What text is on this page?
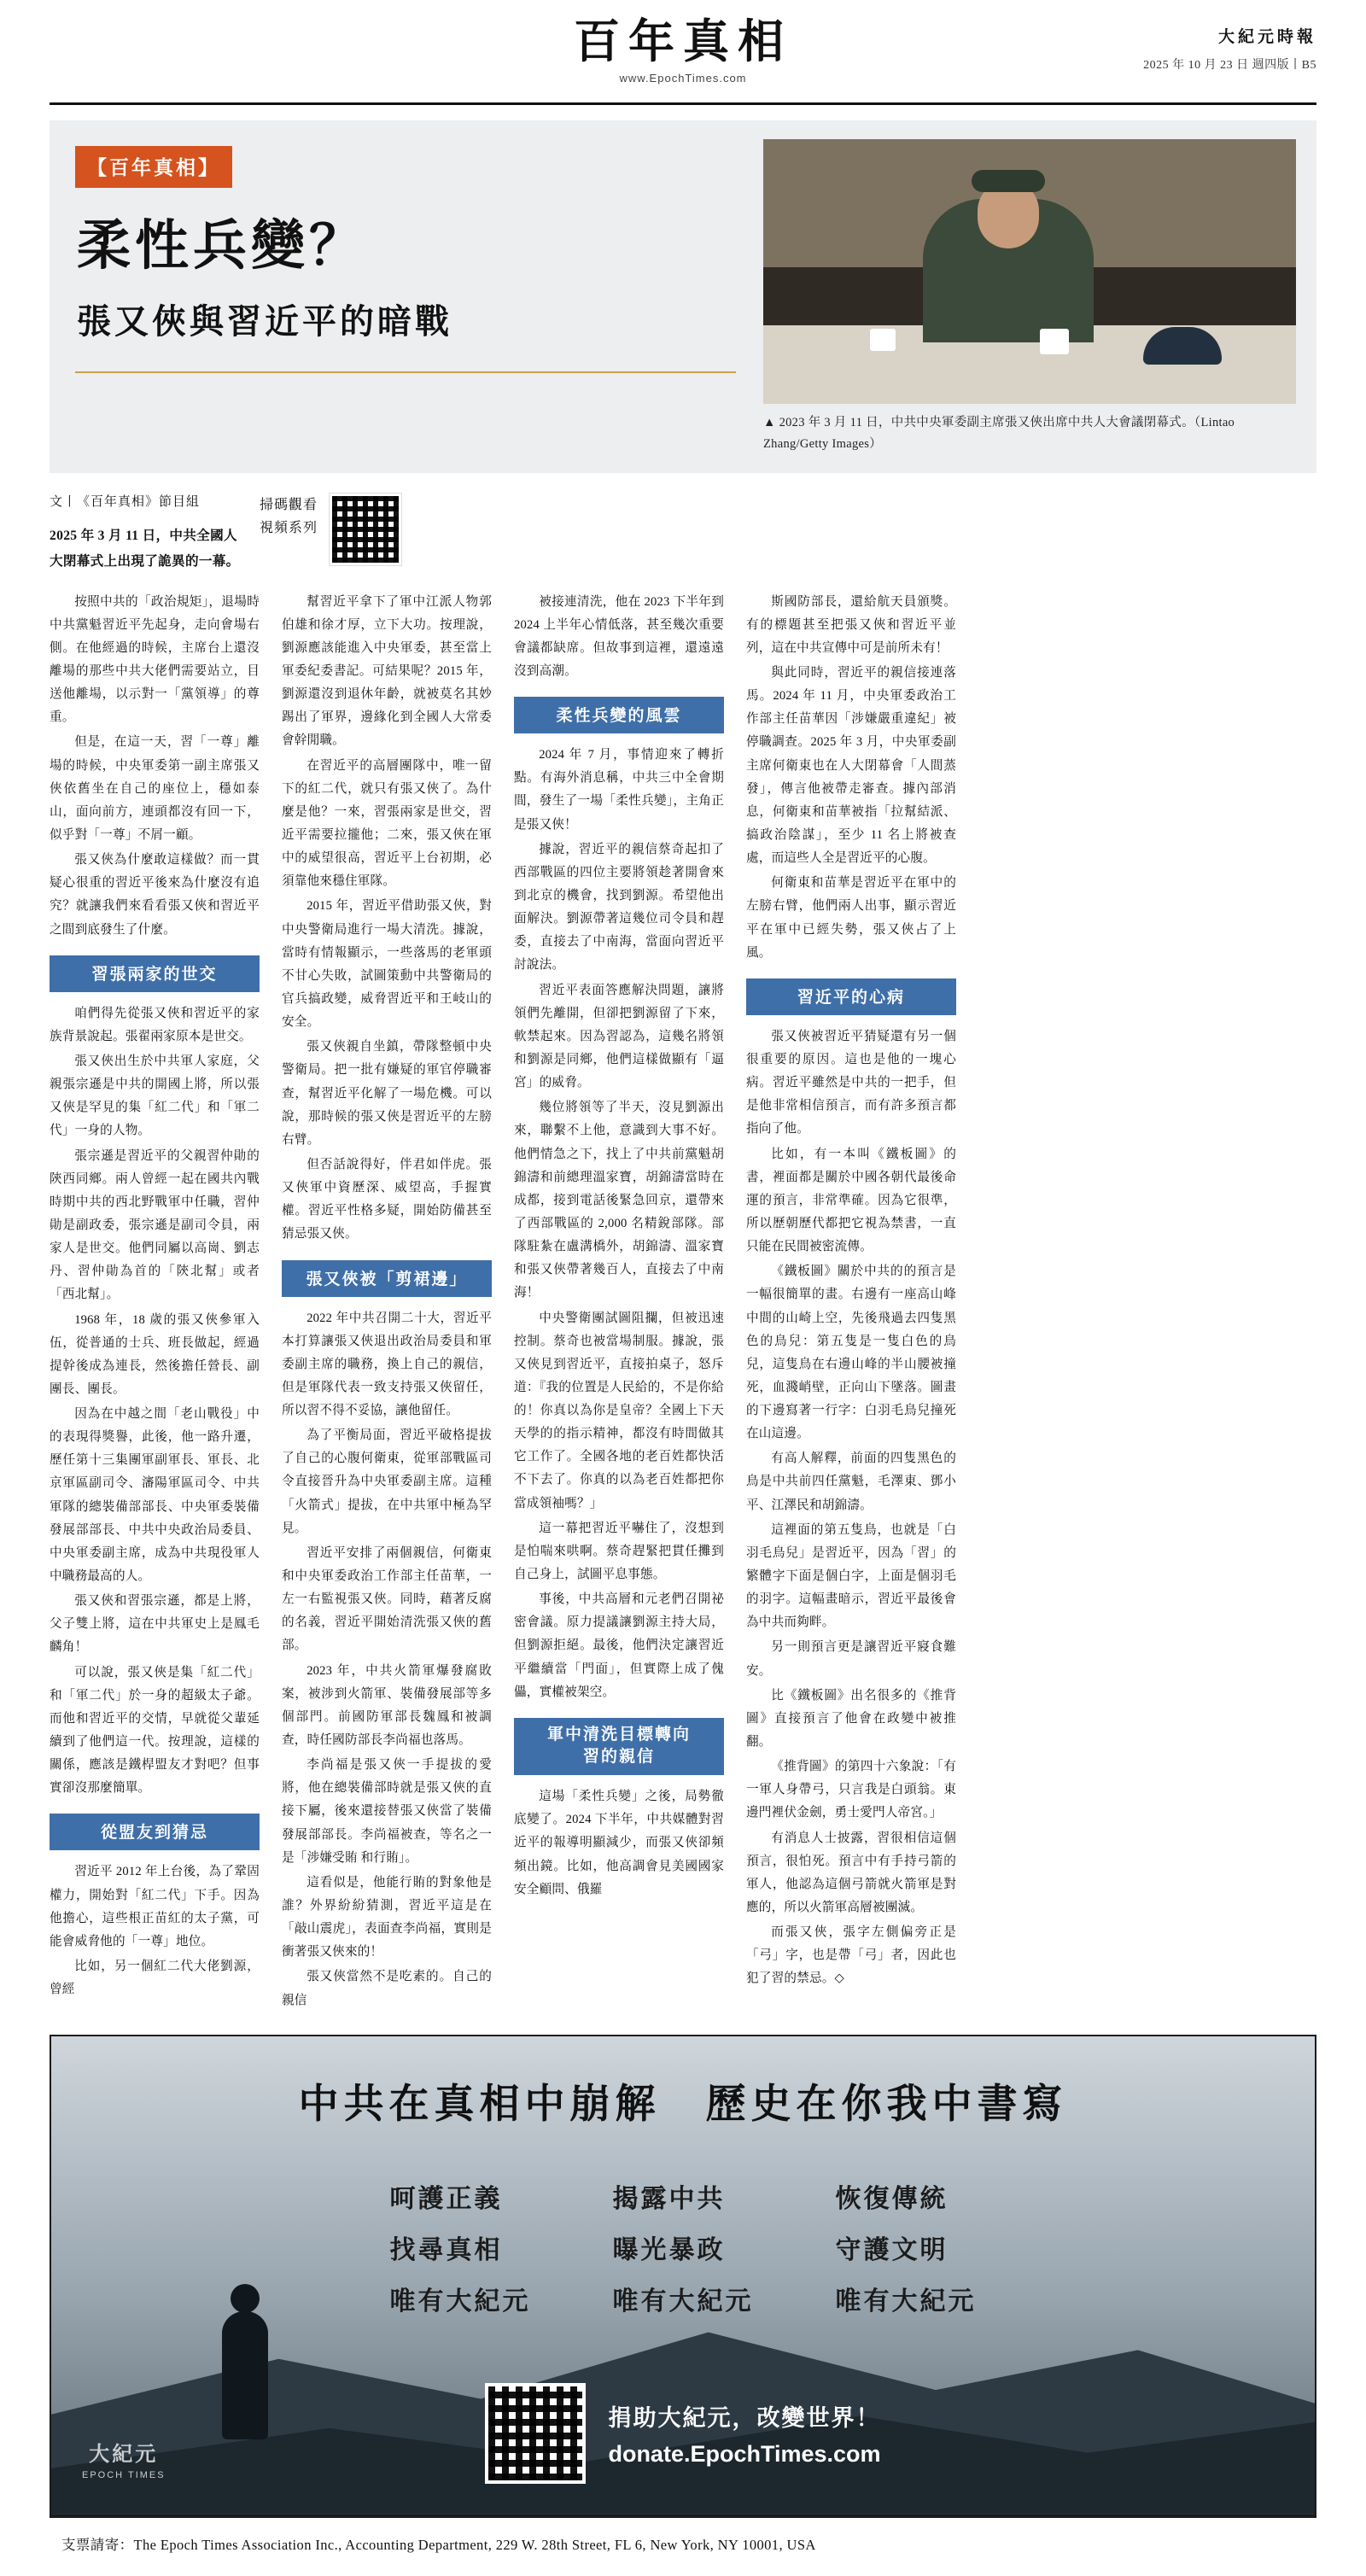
百年真相
www.EpochTimes.com
大紀元時報
2025 年 10 月 23 日 週四版丨B5
【百年真相】
柔性兵變？
張又俠與習近平的暗戰
▲ 2023 年 3 月 11 日，中共中央軍委副主席張又俠出席中共人大會議閉幕式。（Lintao Zhang/Getty Images）
文丨《百年真相》節目組
2025 年 3 月 11 日，中共全國人大閉幕式上出現了詭異的一幕。
掃碼觀看
視頻系列

按照中共的「政治規矩」，退場時中共黨魁習近平先起身，走向會場右側。在他經過的時候，主席台上還沒離場的那些中共大佬們需要站立，目送他離場，以示對一「黨領導」的尊重。

但是，在這一天，習「一尊」離場的時候，中央軍委第一副主席張又俠依舊坐在自己的座位上，穩如泰山，面向前方，連頭都沒有回一下，似乎對「一尊」不屑一顧。

張又俠為什麼敢這樣做？而一貫疑心很重的習近平後來為什麼沒有追究？就讓我們來看看張又俠和習近平之間到底發生了什麼。

習張兩家的世交

咱們得先從張又俠和習近平的家族背景說起。張翟兩家原本是世交。

張又俠出生於中共軍人家庭，父親張宗遜是中共的開國上將，所以張又俠是罕見的集「紅二代」和「軍二代」一身的人物。

張宗遜是習近平的父親習仲勛的陝西同鄉。兩人曾經一起在國共內戰時期中共的西北野戰軍中任職，習仲勛是副政委，張宗遜是副司令員，兩家人是世交。他們同屬以高崗、劉志丹、習仲勛為首的「陝北幫」或者「西北幫」。

1968 年，18 歲的張又俠參軍入伍，從普通的士兵、班長做起，經過提幹後成為連長，然後擔任營長、副團長、團長。

因為在中越之間「老山戰役」中的表現得獎譽，此後，他一路升遷，歷任第十三集團軍副軍長、軍長、北京軍區副司令、瀋陽軍區司令、中共軍隊的總裝備部部長、中央軍委裝備發展部部長、中共中央政治局委員、中央軍委副主席，成為中共現役軍人中職務最高的人。

張又俠和習張宗遜，都是上將，父子雙上將，這在中共軍史上是鳳毛麟角！

可以說，張又俠是集「紅二代」和「軍二代」於一身的超級太子爺。而他和習近平的交情，早就從父輩延續到了他們這一代。按理說，這樣的關係，應該是鐵桿盟友才對吧？但事實卻沒那麼簡單。

從盟友到猜忌

習近平 2012 年上台後，為了鞏固權力，開始對「紅二代」下手。因為他擔心，這些根正苗紅的太子黨，可能會威脅他的「一尊」地位。

比如，另一個紅二代大佬劉源，曾經

幫習近平拿下了軍中江派人物郭伯雄和徐才厚，立下大功。按理說，劉源應該能進入中央軍委，甚至當上軍委紀委書記。可結果呢？2015 年，劉源還沒到退休年齡，就被莫名其妙踢出了軍界，邊緣化到全國人大常委會幹閒職。

在習近平的高層團隊中，唯一留下的紅二代，就只有張又俠了。為什麼是他？一來，習張兩家是世交，習近平需要拉攏他；二來，張又俠在軍中的威望很高，習近平上台初期，必須靠他來穩住軍隊。

2015 年，習近平借助張又俠，對中央警衛局進行一場大清洗。據說，當時有情報顯示，一些落馬的老軍頭不甘心失敗，試圖策動中共警衛局的官兵搞政變，威脅習近平和王岐山的安全。

張又俠親自坐鎮，帶隊整頓中央警衛局。把一批有嫌疑的軍官停職審查，幫習近平化解了一場危機。可以說，那時候的張又俠是習近平的左膀右臂。

但否話說得好，伴君如伴虎。張又俠軍中資歷深、威望高，手握實權。習近平性格多疑，開始防備甚至猜忌張又俠。

張又俠被「剪裙邊」

2022 年中共召開二十大，習近平本打算讓張又俠退出政治局委員和軍委副主席的職務，換上自己的親信，但是軍隊代表一致支持張又俠留任，所以習不得不妥協，讓他留任。

為了平衡局面，習近平破格提拔了自己的心腹何衛東，從軍部戰區司令直接晉升為中央軍委副主席。這種「火箭式」提拔，在中共軍中極為罕見。

習近平安排了兩個親信，何衛東和中央軍委政治工作部主任苗華，一左一右監視張又俠。同時，藉著反腐的名義，習近平開始清洗張又俠的舊部。

2023 年，中共火箭軍爆發腐敗案，被涉到火箭軍、裝備發展部等多個部門。前國防軍部長魏鳳和被調查，時任國防部長李尚福也落馬。

李尚福是張又俠一手提拔的愛將，他在總裝備部時就是張又俠的直接下屬，後來還接替張又俠當了裝備發展部部長。李尚福被查，等名之一是「涉嫌受賄 和行賄」。

這看似是，他能行賄的對象他是誰？外界紛紛猜測，習近平這是在「敲山震虎」，表面查李尚福，實則是衝著張又俠來的！

張又俠當然不是吃素的。自己的親信

被接連清洗，他在 2023 下半年到 2024 上半年心情低落，甚至幾次重要會議都缺席。但故事到這裡，還遠遠沒到高潮。

柔性兵變的風雲

2024 年 7 月，事情迎來了轉折點。有海外消息稱，中共三中全會期間，發生了一場「柔性兵變」，主角正是張又俠！

據說，習近平的親信蔡奇起扣了西部戰區的四位主要將領趁著開會來到北京的機會，找到劉源。希望他出面解決。劉源帶著這幾位司令員和趕委，直接去了中南海，當面向習近平討說法。

習近平表面答應解決問題，讓將領們先離開，但卻把劉源留了下來，軟禁起來。因為習認為，這幾名將領和劉源是同鄉，他們這樣做顯有「逼宮」的威脅。

幾位將領等了半天，沒見劉源出來，聯繫不上他，意識到大事不好。他們情急之下，找上了中共前黨魁胡錦濤和前總理溫家寶，胡錦濤當時在成都，接到電話後緊急回京，還帶來了西部戰區的 2,000 名精銳部隊。部隊駐紮在盧溝橋外，胡錦濤、溫家寶和張又俠帶著幾百人，直接去了中南海！

中央警衛團試圖阻攔，但被迅速控制。蔡奇也被當場制服。據說，張又俠見到習近平，直接拍桌子，怒斥道：『我的位置是人民給的，不是你給的！你真以為你是皇帝？全國上下天天學的的指示精神，都沒有時間做其它工作了。全國各地的老百姓都快活不下去了。你真的以為老百姓都把你當成領袖嗎？」

這一幕把習近平嚇住了，沒想到是怕喘來哄啊。蔡奇趕緊把貫任攤到自己身上，試圖平息事態。

事後，中共高層和元老們召開祕密會議。原力提議讓劉源主持大局，但劉源拒絕。最後，他們決定讓習近平繼續當「門面」，但實際上成了傀儡，實權被架空。

軍中清洗目標轉向
習的親信

這場「柔性兵變」之後，局勢徹底變了。2024 下半年，中共媒體對習近平的報導明顯減少，而張又俠卻頻頻出鏡。比如，他高調會見美國國家安全顧問、俄羅

斯國防部長，還給航天員頒獎。有的標題甚至把張又俠和習近平並列，這在中共宣傳中可是前所未有！

與此同時，習近平的親信接連落馬。2024 年 11 月，中央軍委政治工作部主任苗華因「涉嫌嚴重違紀」被停職調查。2025 年 3 月，中央軍委副主席何衛東也在人大閉幕會「人間蒸發」，傳言他被帶走審查。據內部消息，何衛東和苗華被指「拉幫結派、搞政治陰謀」，至少 11 名上將被查處，而這些人全是習近平的心腹。

何衛東和苗華是習近平在軍中的左膀右臂，他們兩人出事，顯示習近平在軍中已經失勢，張又俠占了上風。

習近平的心病

張又俠被習近平猜疑還有另一個很重要的原因。這也是他的一塊心病。習近平雖然是中共的一把手，但是他非常相信預言，而有許多預言都指向了他。

比如，有一本叫《鐵板圖》的書，裡面都是關於中國各朝代最後命運的預言，非常準確。因為它很準，所以歷朝歷代都把它視為禁書，一直只能在民間被密流傳。

《鐵板圖》關於中共的的預言是一幅很簡單的畫。右邊有一座高山峰中間的山崎上空，先後飛過去四隻黑色的鳥兒：第五隻是一隻白色的鳥兒，這隻鳥在右邊山峰的半山腰被撞死，血濺峭壁，正向山下墜落。圖畫的下邊寫著一行字：白羽毛鳥兒撞死在山這邊。

有高人解釋，前面的四隻黑色的鳥是中共前四任黨魁，毛澤東、鄧小平、江澤民和胡錦濤。

這裡面的第五隻鳥，也就是「白羽毛鳥兒」是習近平，因為「習」的繁體字下面是個白字，上面是個羽毛的羽字。這幅畫暗示，習近平最後會為中共而夠畔。

另一則預言更是讓習近平寢食難安。

比《鐵板圖》出名很多的《推背圖》直接預言了他會在政變中被推翻。

《推背圖》的第四十六象說：「有一軍人身帶弓，只言我是白頭翁。東邊門裡伏金劍，勇士愛門人帝宮。」

有消息人士披露，習很相信這個預言，很怕死。預言中有手持弓箭的軍人，他認為這個弓箭就火箭軍是對應的，所以火箭軍高層被團滅。

而張又俠，張字左側偏旁正是「弓」字，也是帶「弓」者，因此也犯了習的禁忌。◇

中共在真相中崩解　歷史在你我中書寫
呵護正義
找尋真相
唯有大紀元
揭露中共
曝光暴政
唯有大紀元
恢復傳統
守護文明
唯有大紀元
大紀元
EPOCH TIMES
捐助大紀元，改變世界！
donate.EpochTimes.com
支票請寄：The Epoch Times Association Inc., Accounting Department, 229 W. 28th Street, FL 6, New York, NY 10001, USA
